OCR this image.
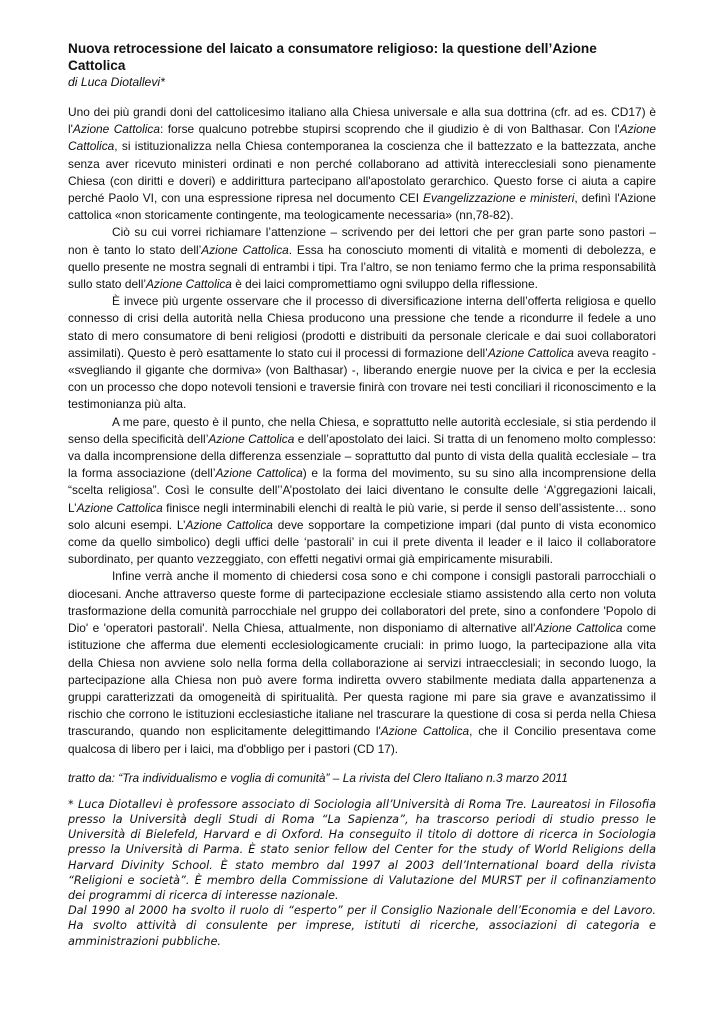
Nuova retrocessione del laicato a consumatore religioso: la questione dell’Azione Cattolica

di Luca Diotallevi*

Uno dei più grandi doni del cattolicesimo italiano alla Chiesa universale e alla sua dottrina (cfr. ad es. CD17) è l'Azione Cattolica: forse qualcuno potrebbe stupirsi scoprendo che il giudizio è di von Balthasar. Con l'Azione Cattolica, si istituzionalizza nella Chiesa contemporanea la coscienza che il battezzato e la battezzata, anche senza aver ricevuto ministeri ordinati e non perché collaborano ad attività interecclesiali sono pienamente Chiesa (con diritti e doveri) e addirittura partecipano all'apostolato gerarchico. Questo forse ci aiuta a capire perché Paolo VI, con una espressione ripresa nel documento CEI Evangelizzazione e ministeri, definì l'Azione cattolica «non storicamente contingente, ma teologicamente necessaria» (nn,78-82).

Ciò su cui vorrei richiamare l’attenzione – scrivendo per dei lettori che per gran parte sono pastori – non è tanto lo stato dell’Azione Cattolica. Essa ha conosciuto momenti di vitalità e momenti di debolezza, e quello presente ne mostra segnali di entrambi i tipi. Tra l’altro, se non teniamo fermo che la prima responsabilità sullo stato dell’Azione Cattolica è dei laici compromettiamo ogni sviluppo della riflessione.

È invece più urgente osservare che il processo di diversificazione interna dell’offerta religiosa e quello connesso di crisi della autorità nella Chiesa producono una pressione che tende a ricondurre il fedele a uno stato di mero consumatore di beni religiosi (prodotti e distribuiti da personale clericale e dai suoi collaboratori assimilati). Questo è però esattamente lo stato cui il processi di formazione dell’Azione Cattolica aveva reagito - «svegliando il gigante che dormiva» (von Balthasar) -, liberando energie nuove per la civica e per la ecclesia con un processo che dopo notevoli tensioni e traversie finirà con trovare nei testi conciliari il riconoscimento e la testimonianza più alta.

A me pare, questo è il punto, che nella Chiesa, e soprattutto nelle autorità ecclesiale, si stia perdendo il senso della specificità dell’Azione Cattolica e dell’apostolato dei laici. Si tratta di un fenomeno molto complesso: va dalla incomprensione della differenza essenziale – soprattutto dal punto di vista della qualità ecclesiale – tra la forma associazione (dell’Azione Cattolica) e la forma del movimento, su su sino alla incomprensione della “scelta religiosa”. Così le consulte dell’’A’postolato dei laici diventano le consulte delle ‘A’ggregazioni laicali, L’Azione Cattolica finisce negli interminabili elenchi di realtà le più varie, si perde il senso dell’assistente… sono solo alcuni esempi. L’Azione Cattolica deve sopportare la competizione impari (dal punto di vista economico come da quello simbolico) degli uffici delle ‘pastorali’ in cui il prete diventa il leader e il laico il collaboratore subordinato, per quanto vezzeggiato, con effetti negativi ormai già empiricamente misurabili.

Infine verrà anche il momento di chiedersi cosa sono e chi compone i consigli pastorali parrocchiali o diocesani. Anche attraverso queste forme di partecipazione ecclesiale stiamo assistendo alla certo non voluta trasformazione della comunità parrocchiale nel gruppo dei collaboratori del prete, sino a confondere 'Popolo di Dio' e 'operatori pastorali'. Nella Chiesa, attualmente, non disponiamo di alternative all'Azione Cattolica come istituzione che afferma due elementi ecclesiologicamente cruciali: in primo luogo, la partecipazione alla vita della Chiesa non avviene solo nella forma della collaborazione ai servizi intraecclesiali; in secondo luogo, la partecipazione alla Chiesa non può avere forma indiretta ovvero stabilmente mediata dalla appartenenza a gruppi caratterizzati da omogeneità di spiritualità. Per questa ragione mi pare sia grave e avanzatissimo il rischio che corrono le istituzioni ecclesiastiche italiane nel trascurare la questione di cosa si perda nella Chiesa trascurando, quando non esplicitamente delegittimando l'Azione Cattolica, che il Concilio presentava come qualcosa di libero per i laici, ma d'obbligo per i pastori (CD 17).

tratto da: “Tra individualismo e voglia di comunità” – La rivista del Clero Italiano n.3 marzo 2011

* Luca Diotallevi è professore associato di Sociologia all’Università di Roma Tre. Laureatosi in Filosofia presso la Università degli Studi di Roma “La Sapienza”, ha trascorso periodi di studio presso le Università di Bielefeld, Harvard e di Oxford. Ha conseguito il titolo di dottore di ricerca in Sociologia presso la Università di Parma. È stato senior fellow del Center for the study of World Religions della Harvard Divinity School. È stato membro dal 1997 al 2003 dell’International board della rivista “Religioni e società”. È membro della Commissione di Valutazione del MURST per il cofinanziamento dei programmi di ricerca di interesse nazionale.

Dal 1990 al 2000 ha svolto il ruolo di “esperto” per il Consiglio Nazionale dell’Economia e del Lavoro. Ha svolto attività di consulente per imprese, istituti di ricerche, associazioni di categoria e amministrazioni pubbliche.
